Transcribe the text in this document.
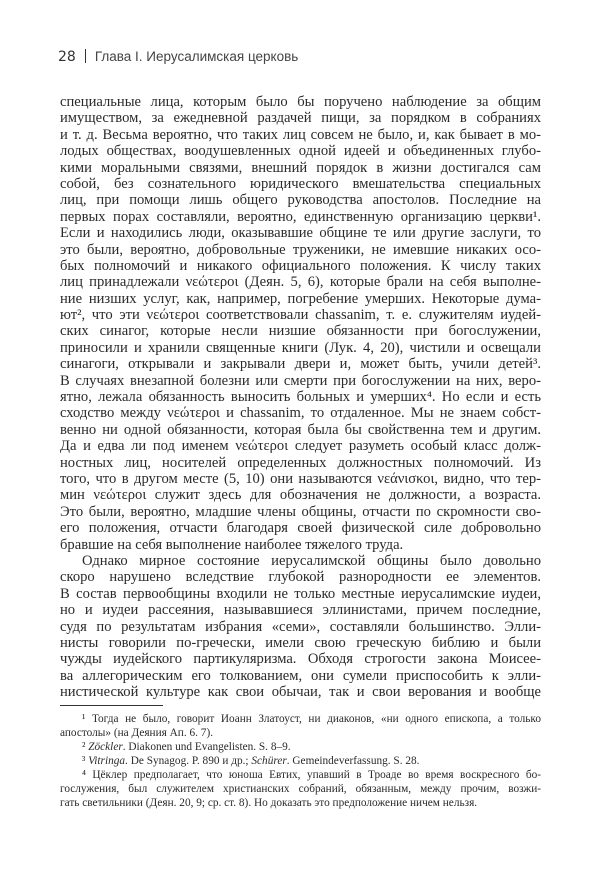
28 Глава I. Иерусалимская церковь
специальные лица, которым было бы поручено наблюдение за общим
имуществом, за ежедневной раздачей пищи, за порядком в собраниях
и т. д. Весьма вероятно, что таких лиц совсем не было, и, как бывает в мо-
лодых обществах, воодушевленных одной идеей и объединенных глубо-
кими моральными связями, внешний порядок в жизни достигался сам
собой, без сознательного юридического вмешательства специальных
лиц, при помощи лишь общего руководства апостолов. Последние на
первых порах составляли, вероятно, единственную организацию церкви¹.
Если и находились люди, оказывавшие общине те или другие заслуги, то
это были, вероятно, добровольные труженики, не имевшие никаких осо-
бых полномочий и никакого официального положения. К числу таких
лиц принадлежали νεώτεροι (Деян. 5, 6), которые брали на себя выполне-
ние низших услуг, как, например, погребение умерших. Некоторые дума-
ют², что эти νεώτεροι соответствовали chassanim, т. е. служителям иудей-
ских синагог, которые несли низшие обязанности при богослужении,
приносили и хранили священные книги (Лук. 4, 20), чистили и освещали
синагоги, открывали и закрывали двери и, может быть, учили детей³.
В случаях внезапной болезни или смерти при богослужении на них, веро-
ятно, лежала обязанность выносить больных и умерших⁴. Но если и есть
сходство между νεώτεροι и chassanim, то отдаленное. Мы не знаем собст-
венно ни одной обязанности, которая была бы свойственна тем и другим.
Да и едва ли под именем νεώτεροι следует разуметь особый класс долж-
ностных лиц, носителей определенных должностных полномочий. Из
того, что в другом месте (5, 10) они называются νεάνισκοι, видно, что тер-
мин νεώτεροι служит здесь для обозначения не должности, а возраста.
Это были, вероятно, младшие члены общины, отчасти по скромности сво-
его положения, отчасти благодаря своей физической силе добровольно
бравшие на себя выполнение наиболее тяжелого труда.
Однако мирное состояние иерусалимской общины было довольно
скоро нарушено вследствие глубокой разнородности ее элементов.
В состав первообщины входили не только местные иерусалимские иудеи,
но и иудеи рассеяния, называвшиеся эллинистами, причем последние,
судя по результатам избрания «семи», составляли большинство. Элли-
нисты говорили по-гречески, имели свою греческую библию и были
чужды иудейского партикуляризма. Обходя строгости закона Моисее-
ва аллегорическим его толкованием, они сумели приспособить к элли-
нистической культуре как свои обычаи, так и свои верования и вообще
¹ Тогда не было, говорит Иоанн Златоуст, ни диаконов, «ни одного епископа, а только
апостолы» (на Деяния Ап. 6. 7).
² Zöckler. Diakonen und Evangelisten. S. 8–9.
³ Vitringa. De Synagog. P. 890 и др.; Schürer. Gemeindeverfassung. S. 28.
⁴ Цёклер предполагает, что юноша Евтих, упавший в Троаде во время воскресного бо-
гослужения, был служителем христианских собраний, обязанным, между прочим, возжи-
гать светильники (Деян. 20, 9; ср. ст. 8). Но доказать это предположение ничем нельзя.
